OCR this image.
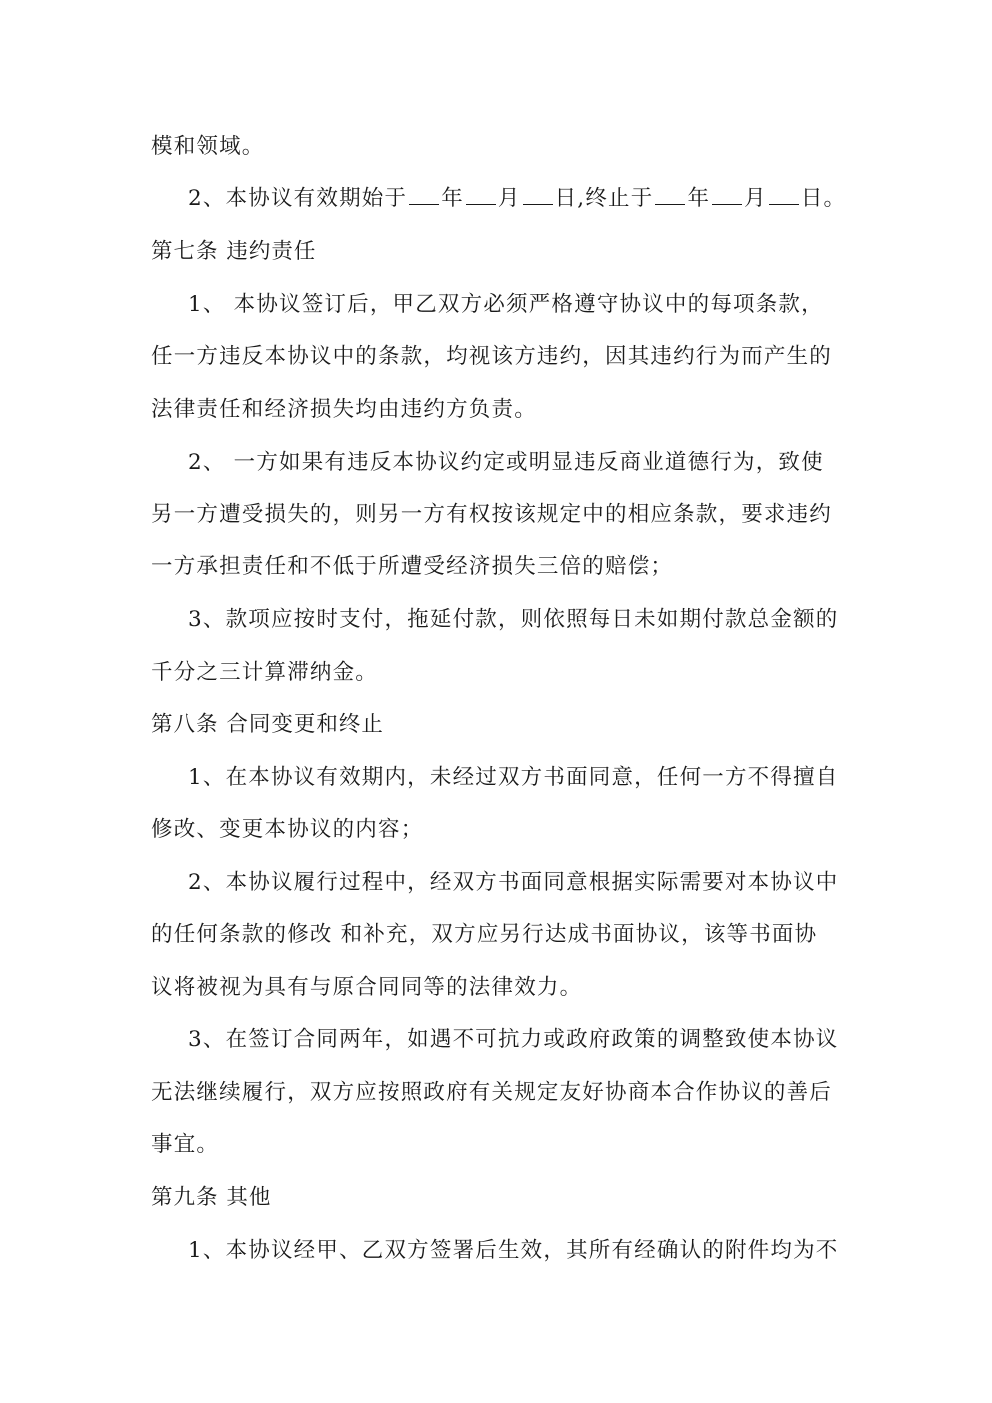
模和领域。
2、本协议有效期始于 年 月 日,终止于 年 月 日。
第七条 违约责任
1、 本协议签订后，甲乙双方必须严格遵守协议中的每项条款，
任一方违反本协议中的条款，均视该方违约，因其违约行为而产生的
法律责任和经济损失均由违约方负责。
2、 一方如果有违反本协议约定或明显违反商业道德行为，致使
另一方遭受损失的，则另一方有权按该规定中的相应条款，要求违约
一方承担责任和不低于所遭受经济损失三倍的赔偿；
3、款项应按时支付，拖延付款，则依照每日未如期付款总金额的
千分之三计算滞纳金。
第八条 合同变更和终止
1、在本协议有效期内，未经过双方书面同意，任何一方不得擅自
修改、变更本协议的内容；
2、本协议履行过程中，经双方书面同意根据实际需要对本协议中
的任何条款的修改 和补充，双方应另行达成书面协议，该等书面协
议将被视为具有与原合同同等的法律效力。
3、在签订合同两年，如遇不可抗力或政府政策的调整致使本协议
无法继续履行，双方应按照政府有关规定友好协商本合作协议的善后
事宜。
第九条 其他
1、本协议经甲、乙双方签署后生效，其所有经确认的附件均为不
